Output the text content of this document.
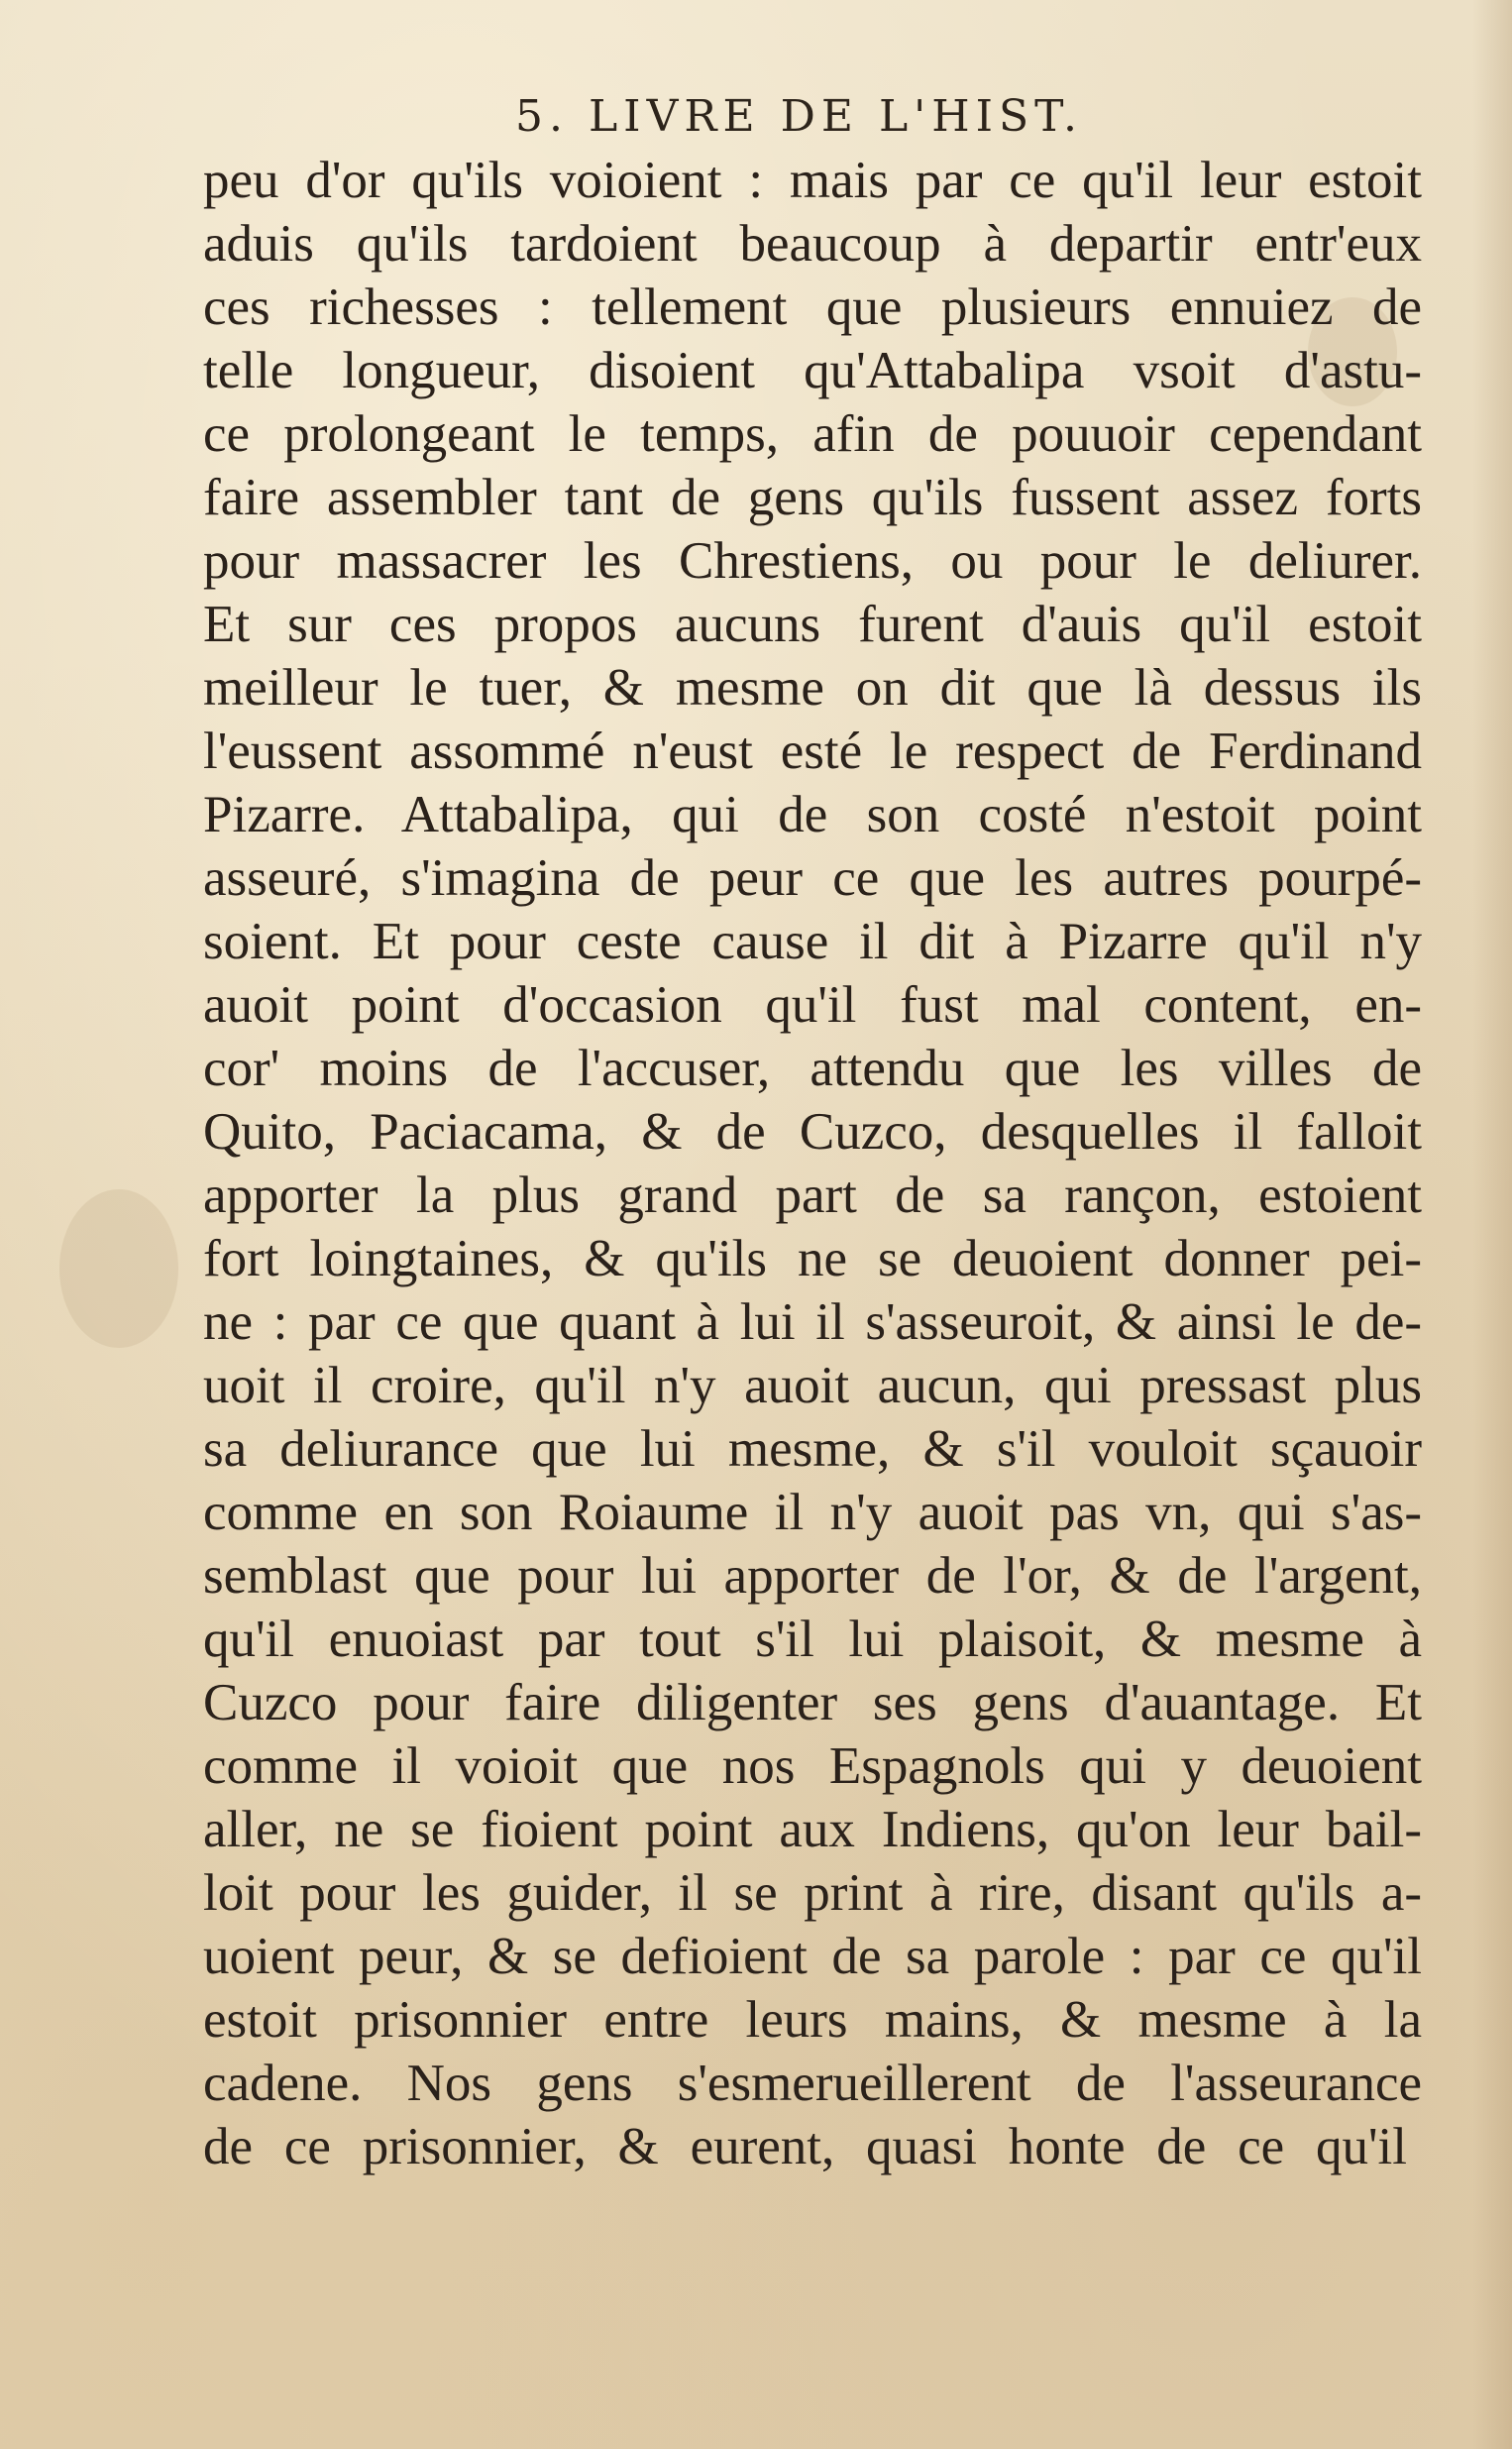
5. LIVRE DE L'HIST.
peu d'or qu'ils voioient : mais par ce qu'il leur estoit
aduis qu'ils tardoient beaucoup à departir entr'eux
ces richesses : tellement que plusieurs ennuiez de
telle longueur, disoient qu'Attabalipa vsoit d'astu-
ce prolongeant le temps, afin de pouuoir cependant
faire assembler tant de gens qu'ils fussent assez forts
pour massacrer les Chrestiens, ou pour le deliurer.
Et sur ces propos aucuns furent d'auis qu'il estoit
meilleur le tuer, & mesme on dit que là dessus ils
l'eussent assommé n'eust esté le respect de Ferdinand
Pizarre. Attabalipa, qui de son costé n'estoit point
asseuré, s'imagina de peur ce que les autres pourpé-
soient. Et pour ceste cause il dit à Pizarre qu'il n'y
auoit point d'occasion qu'il fust mal content, en-
cor' moins de l'accuser, attendu que les villes de
Quito, Paciacama, & de Cuzco, desquelles il falloit
apporter la plus grand part de sa rançon, estoient
fort loingtaines, & qu'ils ne se deuoient donner pei-
ne : par ce que quant à lui il s'asseuroit, & ainsi le de-
uoit il croire, qu'il n'y auoit aucun, qui pressast plus
sa deliurance que lui mesme, & s'il vouloit sçauoir
comme en son Roiaume il n'y auoit pas vn, qui s'as-
semblast que pour lui apporter de l'or, & de l'argent,
qu'il enuoiast par tout s'il lui plaisoit, & mesme à
Cuzco pour faire diligenter ses gens d'auantage. Et
comme il voioit que nos Espagnols qui y deuoient
aller, ne se fioient point aux Indiens, qu'on leur bail-
loit pour les guider, il se print à rire, disant qu'ils a-
uoient peur, & se defioient de sa parole : par ce qu'il
estoit prisonnier entre leurs mains, & mesme à la
cadene. Nos gens s'esmerueillerent de l'asseurance
de ce prisonnier, & eurent, quasi honte de ce qu'il
